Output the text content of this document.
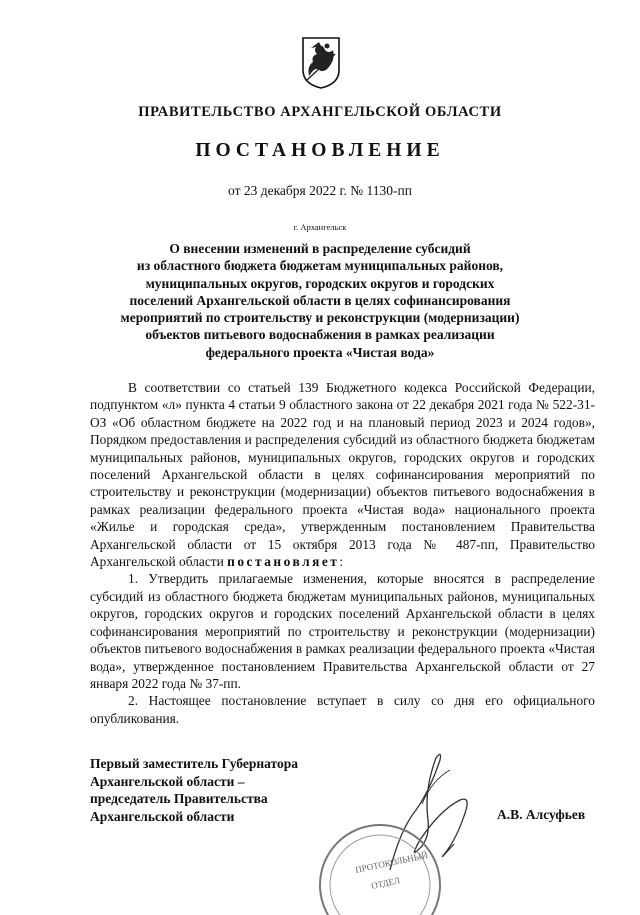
ПРАВИТЕЛЬСТВО АРХАНГЕЛЬСКОЙ ОБЛАСТИ
ПОСТАНОВЛЕНИЕ
от 23 декабря 2022 г. № 1130-пп
г. Архангельск
О внесении изменений в распределение субсидий
из областного бюджета бюджетам муниципальных районов,
муниципальных округов, городских округов и городских
поселений Архангельской области в целях софинансирования
мероприятий по строительству и реконструкции (модернизации)
объектов питьевого водоснабжения в рамках реализации
федерального проекта «Чистая вода»

В соответствии со статьей 139 Бюджетного кодекса Российской Федерации, подпунктом «л» пункта 4 статьи 9 областного закона от 22 декабря 2021 года № 522-31-ОЗ «Об областном бюджете на 2022 год и на плановый период 2023 и 2024 годов», Порядком предоставления и распределения субсидий из областного бюджета бюджетам муниципальных районов, муниципальных округов, городских округов и городских поселений Архангельской области в целях софинансирования мероприятий по строительству и реконструкции (модернизации) объектов питьевого водоснабжения в рамках реализации федерального проекта «Чистая вода» национального проекта «Жилье и городская среда», утвержденным постановлением Правительства Архангельской области от 15 октября 2013 года № 487-пп, Правительство Архангельской области постановляет:

1. Утвердить прилагаемые изменения, которые вносятся в распределение субсидий из областного бюджета бюджетам муниципальных районов, муниципальных округов, городских округов и городских поселений Архангельской области в целях софинансирования мероприятий по строительству и реконструкции (модернизации) объектов питьевого водоснабжения в рамках реализации федерального проекта «Чистая вода», утвержденное постановлением Правительства Архангельской области от 27 января 2022 года № 37-пп.

2. Настоящее постановление вступает в силу со дня его официального опубликования.

Первый заместитель Губернатора
Архангельской области –
председатель Правительства
Архангельской области	А.В. Алсуфьев
ПРОТОКОЛЬНЫЙ
ОТДЕЛ
